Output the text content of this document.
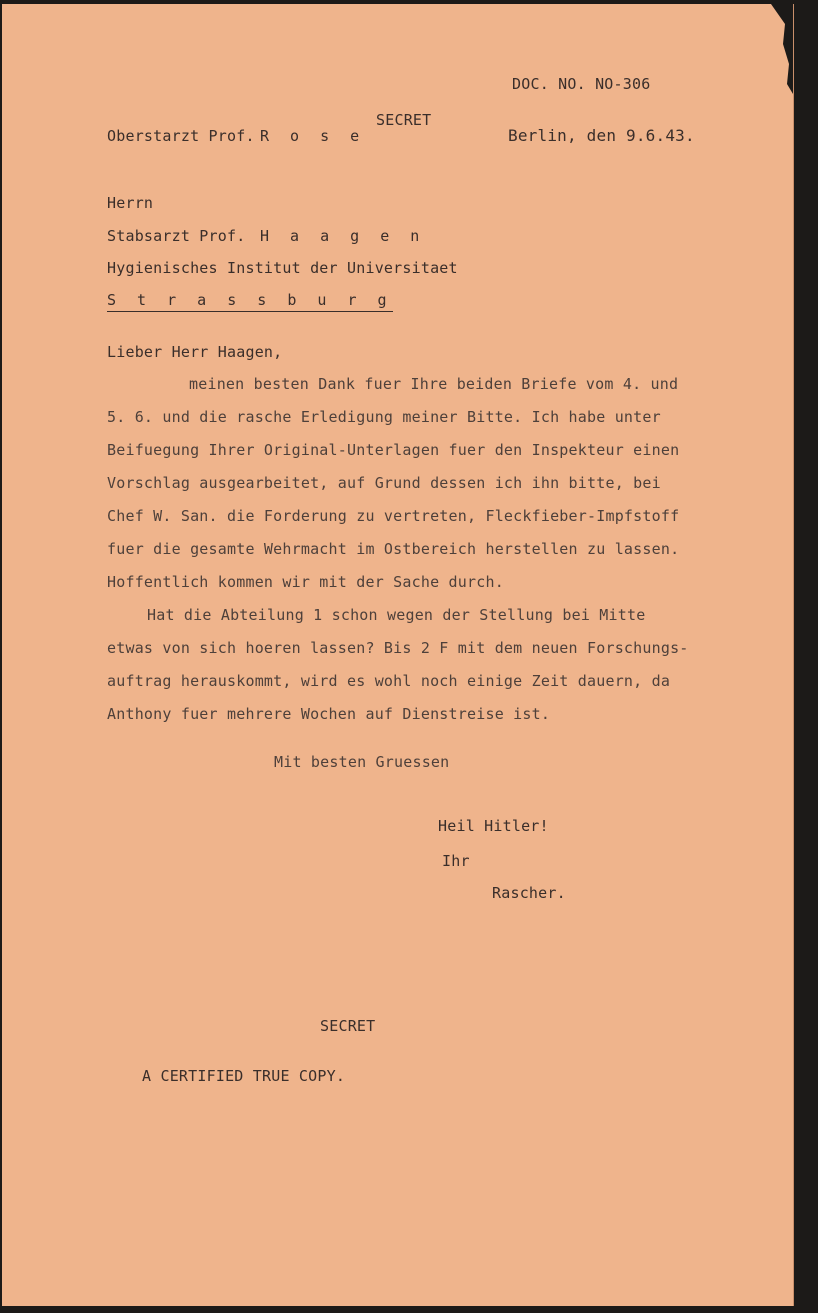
DOC. NO. NO-306
SECRET
Oberstarzt Prof. R o s e	Berlin, den 9.6.43.
Herrn
Stabsarzt Prof. H a a g e n
Hygienisches Institut der Universitaet
S t r a s s b u r g
Lieber Herr Haagen,
meinen besten Dank fuer Ihre beiden Briefe vom 4. und
5. 6. und die rasche Erledigung meiner Bitte. Ich habe unter
Beifuegung Ihrer Original-Unterlagen fuer den Inspekteur einen
Vorschlag ausgearbeitet, auf Grund dessen ich ihn bitte, bei
Chef W. San. die Forderung zu vertreten, Fleckfieber-Impfstoff
fuer die gesamte Wehrmacht im Ostbereich herstellen zu lassen.
Hoffentlich kommen wir mit der Sache durch.
Hat die Abteilung 1 schon wegen der Stellung bei Mitte
etwas von sich hoeren lassen? Bis 2 F mit dem neuen Forschungs-
auftrag herauskommt, wird es wohl noch einige Zeit dauern, da
Anthony fuer mehrere Wochen auf Dienstreise ist.
Mit besten Gruessen
Heil Hitler!
Ihr
Rascher.
SECRET
A CERTIFIED TRUE COPY.
